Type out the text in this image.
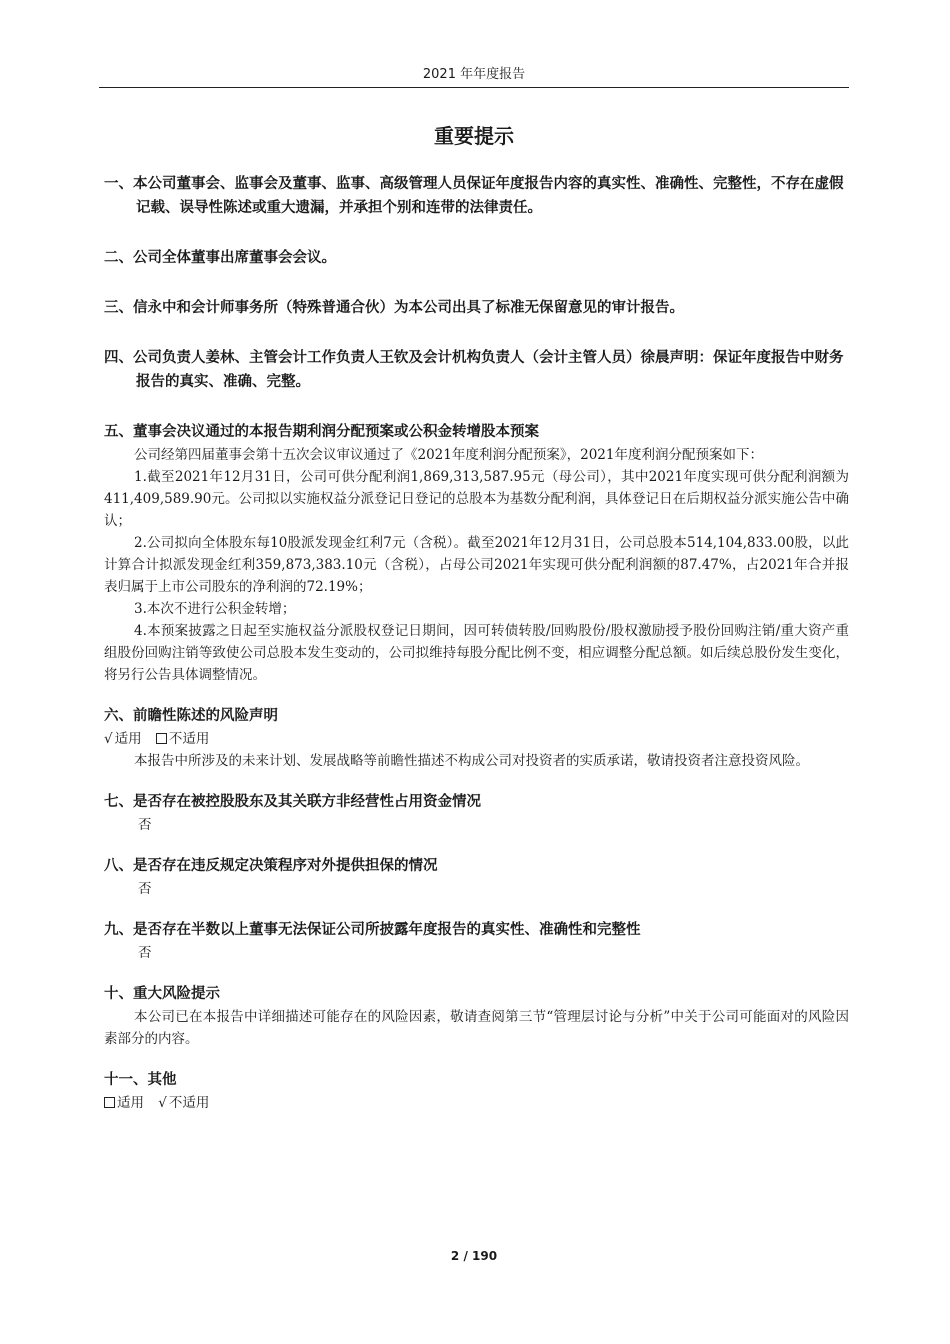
2021 年年度报告
重要提示

一、本公司董事会、监事会及董事、监事、高级管理人员保证年度报告内容的真实性、准确性、完整性，不存在虚假记载、误导性陈述或重大遗漏，并承担个别和连带的法律责任。

二、公司全体董事出席董事会会议。

三、信永中和会计师事务所（特殊普通合伙）为本公司出具了标准无保留意见的审计报告。

四、公司负责人姜林、主管会计工作负责人王钦及会计机构负责人（会计主管人员）徐晨声明：保证年度报告中财务报告的真实、准确、完整。

五、董事会决议通过的本报告期利润分配预案或公积金转增股本预案

公司经第四届董事会第十五次会议审议通过了《2021年度利润分配预案》，2021年度利润分配预案如下：

1.截至2021年12月31日，公司可供分配利润1,869,313,587.95元（母公司），其中2021年度实现可供分配利润额为411,409,589.90元。公司拟以实施权益分派登记日登记的总股本为基数分配利润，具体登记日在后期权益分派实施公告中确认；

2.公司拟向全体股东每10股派发现金红利7元（含税）。截至2021年12月31日，公司总股本514,104,833.00股，以此计算合计拟派发现金红利359,873,383.10元（含税），占母公司2021年实现可供分配利润额的87.47%，占2021年合并报表归属于上市公司股东的净利润的72.19%；

3.本次不进行公积金转增；

4.本预案披露之日起至实施权益分派股权登记日期间，因可转债转股/回购股份/股权激励授予股份回购注销/重大资产重组股份回购注销等致使公司总股本发生变动的，公司拟维持每股分配比例不变，相应调整分配总额。如后续总股份发生变化，将另行公告具体调整情况。

六、前瞻性陈述的风险声明

√ 适用 不适用

本报告中所涉及的未来计划、发展战略等前瞻性描述不构成公司对投资者的实质承诺，敬请投资者注意投资风险。

七、是否存在被控股股东及其关联方非经营性占用资金情况

否

八、是否存在违反规定决策程序对外提供担保的情况

否

九、是否存在半数以上董事无法保证公司所披露年度报告的真实性、准确性和完整性

否

十、重大风险提示

本公司已在本报告中详细描述可能存在的风险因素，敬请查阅第三节“管理层讨论与分析”中关于公司可能面对的风险因素部分的内容。

十一、其他

适用 √ 不适用

2 / 190
